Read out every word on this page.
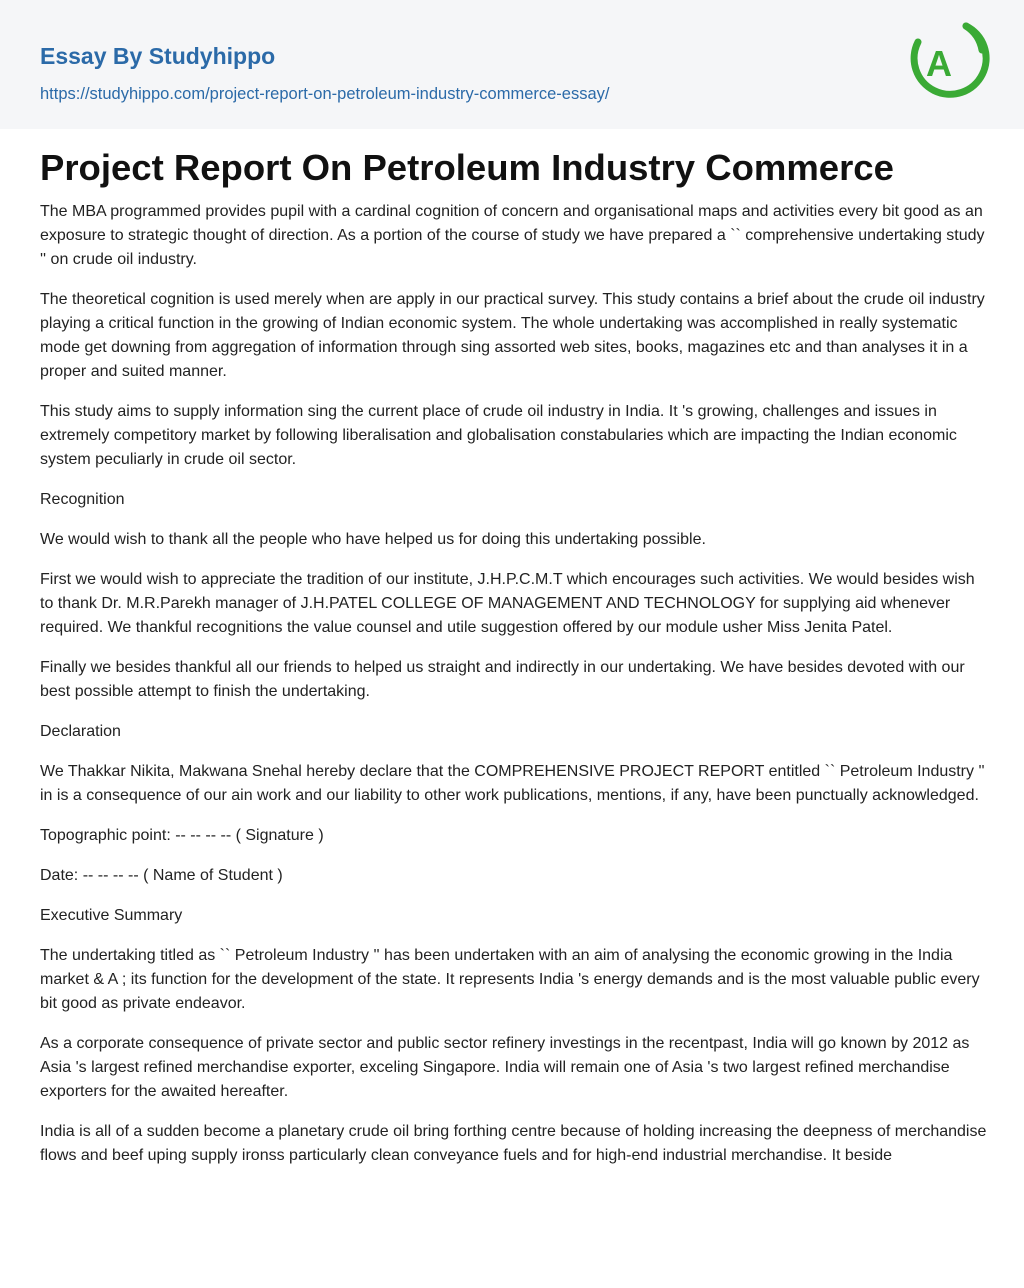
Essay By Studyhippo
https://studyhippo.com/project-report-on-petroleum-industry-commerce-essay/
A
Project Report On Petroleum Industry Commerce

The MBA programmed provides pupil with a cardinal cognition of concern and organisational maps and activities every bit good as an exposure to strategic thought of direction. As a portion of the course of study we have prepared a `` comprehensive undertaking study '' on crude oil industry.

The theoretical cognition is used merely when are apply in our practical survey. This study contains a brief about the crude oil industry playing a critical function in the growing of Indian economic system. The whole undertaking was accomplished in really systematic mode get downing from aggregation of information through sing assorted web sites, books, magazines etc and than analyses it in a proper and suited manner.

This study aims to supply information sing the current place of crude oil industry in India. It 's growing, challenges and issues in extremely competitory market by following liberalisation and globalisation constabularies which are impacting the Indian economic system peculiarly in crude oil sector.

Recognition

We would wish to thank all the people who have helped us for doing this undertaking possible.

First we would wish to appreciate the tradition of our institute, J.H.P.C.M.T which encourages such activities. We would besides wish to thank Dr. M.R.Parekh manager of J.H.PATEL COLLEGE OF MANAGEMENT AND TECHNOLOGY for supplying aid whenever required. We thankful recognitions the value counsel and utile suggestion offered by our module usher Miss Jenita Patel.

Finally we besides thankful all our friends to helped us straight and indirectly in our undertaking. We have besides devoted with our best possible attempt to finish the undertaking.

Declaration

We Thakkar Nikita, Makwana Snehal hereby declare that the COMPREHENSIVE PROJECT REPORT entitled `` Petroleum Industry '' in is a consequence of our ain work and our liability to other work publications, mentions, if any, have been punctually acknowledged.

Topographic point: -- -- -- -- ( Signature )

Date: -- -- -- -- ( Name of Student )

Executive Summary

The undertaking titled as `` Petroleum Industry '' has been undertaken with an aim of analysing the economic growing in the India market & A ; its function for the development of the state. It represents India 's energy demands and is the most valuable public every bit good as private endeavor.

As a corporate consequence of private sector and public sector refinery investings in the recentpast, India will go known by 2012 as Asia 's largest refined merchandise exporter, exceling Singapore. India will remain one of Asia 's two largest refined merchandise exporters for the awaited hereafter.

India is all of a sudden become a planetary crude oil bring forthing centre because of holding increasing the deepness of merchandise flows and beef uping supply ironss particularly clean conveyance fuels and for high-end industrial merchandise. It beside
